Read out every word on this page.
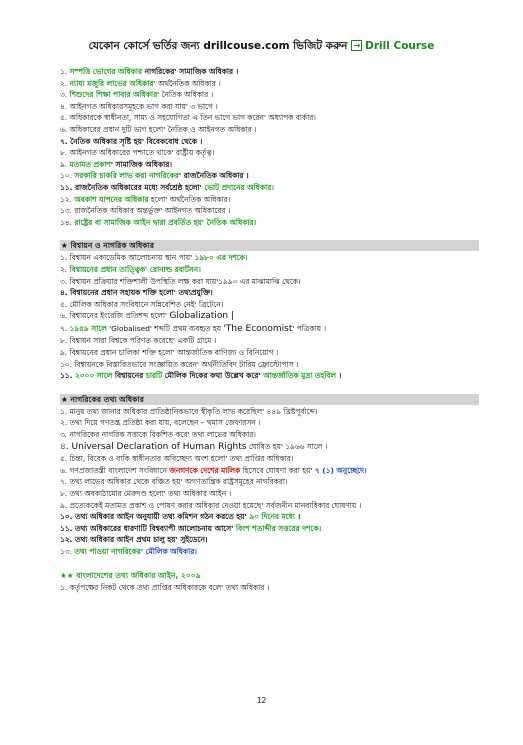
যেকোন কোর্সে ভর্তির জন্য drillcouse.com ভিজিট করুন → Drill Course
১. সম্পত্তি ভোগের অধিকার নাগরিকের' সামাজিক অধিকার ।
২. ন্যায্য মজুরি লাভের অধিকার' অর্থনৈতিক অধিকার ।
৩. শিশুদের শিক্ষা পাবার অধিকার' নৈতিক অধিকার ।
৪. আইনগত অধিকারসমূহকে ভাগ করা যায়' ৩ ভাগে ।
৫. অধিকারকে স্বাধীনতা, সাম্য ও সহযোগিতা এ তিন ভাগে ভাগ করেন' অধ্যাপক বার্কার।
৬. অধিকারের প্রধান দুটি ভাগ হলো' নৈতিক ও আইনগত অধিকার ।
৭. নৈতিক অধিকার সৃষ্টি হয়' বিবেকবোধ থেকে ।
৮. আইনগত অধিকারের পশ্চাতে থাকে' রাষ্ট্রীয় কর্তৃত্ব।
৯. মতামত প্রকাশ' সামাজিক অধিকার।
১০. সরকারি চাকরি লাভ করা নাগরিকের' রাজনৈতিক অধিকার ।
১১. রাজনৈতিক অধিকারের মধ্যে সর্বশ্রেষ্ঠ হলো' ভোট প্রদানের অধিকার।
১২. অবকাশ যাপনের অধিকার হলো' অর্থনৈতিক অধিকার।
১৩. রাজনৈতিক অধিকার অন্তর্ভুক্ত' আইনগত অধিকারের ।
১৪. রাষ্ট্রের বা সামাজিক আইন দ্বারা প্রবর্তিত হয়' নৈতিক অধিকার।
★ বিশ্বায়ন ও নাগরিক অধিকার
১. বিশ্বায়ন একাডেমিক আলোচনায় স্থান পায়' ১৯৮০ এর দশকে।
২. বিশ্বায়নের প্রধান তাত্ত্বিক' রোনাল্ড রবার্টসন।
৩. বিশ্বায়ন প্রক্রিয়ার শক্তিশালী উপস্থিতি লক্ষ করা যায়'১৯৯০ এর মাঝামাঝি থেকে।
৪. বিশ্বায়নের প্রধান সহায়ক শক্তি হলো' তথ্যপ্রযুক্তি।
৫. মৌলিক অধিকার সংবিধানে সন্নিবেশিত নেই' ব্রিটেনে।
৬. বিশ্বায়নের ইংরেজি প্রতিশব্দ হলো' Globalization |
৭. ১৯৫৯ সালে 'Globalised' শব্দটি প্রথম ব্যবহৃত হয় 'The Economist' পত্রিকায় ।
৮. বিশ্বায়ন সারা বিশ্বকে পরিণত করেছে' একটি গ্রামে ।
৯. বিশ্বায়নের প্রধান চালিকা শক্তি হলো' আন্তর্জাতিক বাণিজ্য ও বিনিয়োগ ।
১০. বিশ্বায়নকে বিস্তারিতভাবে সংজ্ঞায়িত করেন' অর্থনীতিবিদ টারিম ফ্রোস্টোপাস ।
১১. ২০০০ সালে বিশ্বায়নের চারটি মৌলিক দিকের কথা উল্লেখ করে' আন্তর্জাতিক মুদ্রা তহবিল ।
★ নাগরিকের তথ্য অধিকার
১. মানুষ তথ্য জানার অধিকার প্রাতিষ্ঠানিকভাবে স্বীকৃতি লাভ করেছিল' ৪৪৯ খ্রিষ্টপূর্বাব্দে।
২. তথ্য দিয়ে গণতন্ত্র প্রতিষ্ঠা করা যায়, বলেছেন – থমাস জেফারসন ।
৩. নাগরিকের নাগরিক সত্তাকে বিকশিত করে' তথ্য লাভের অধিকার।
৪. Universal Declaration of Human Rights ঘোষিত হয়' ১৯৬৬ সালে ।
৫. চিন্তা, বিবেক ও বাকি স্বাধীনতার অবিচ্ছেদ্য অংশ হলো' তথ্য প্রাপ্তির অধিকার।
৬. গণপ্রজাতন্ত্রী বাংলাদেশ সংবিধানে জনগণকে দেশের মালিক হিসেবে ঘোষণা করা হয়' ৭ (১) অনুচ্ছেদে।
৭. তথ্য লাভের অধিকার থেকে বঞ্চিত হয়' অগণতান্ত্রিক রাষ্ট্রসমূহের নাগরিকরা।
৮. তথ্য অবকাঠামোর মেরুদণ্ড হলো' তথ্য অধিকার আইন ।
৯. প্রত্যেককেই মতামত প্রকাশ ও পোষণ করার অধিকার দেওয়া হয়েছে' সর্বজনীন মানবাধিকার ঘোষণায় ।
১০. তথ্য অধিকার আইন অনুযায়ী তথ্য কমিশন গঠন করতে হয়' ৯০ দিনের মধ্যে ।
১১. তথ্য অধিকারের ধারণাটি বিশ্বব্যাপী আলোচনায় আসে' বিংশ শতাব্দীর সত্তরের দশকে।
১২. তথ্য অধিকার আইন প্রথম চালু হয়' সুইডেনে।
১৩. তথ্য পাওয়া নাগরিকের' মৌলিক অধিকার।
★★ বাংলাদেশের তথ্য অধিকার আইন, ২০০৯
১. কর্তৃপক্ষের নিকট থেকে তথ্য প্রাপ্তির অধিকারকে বলে' তথ্য অধিকার ।
12
